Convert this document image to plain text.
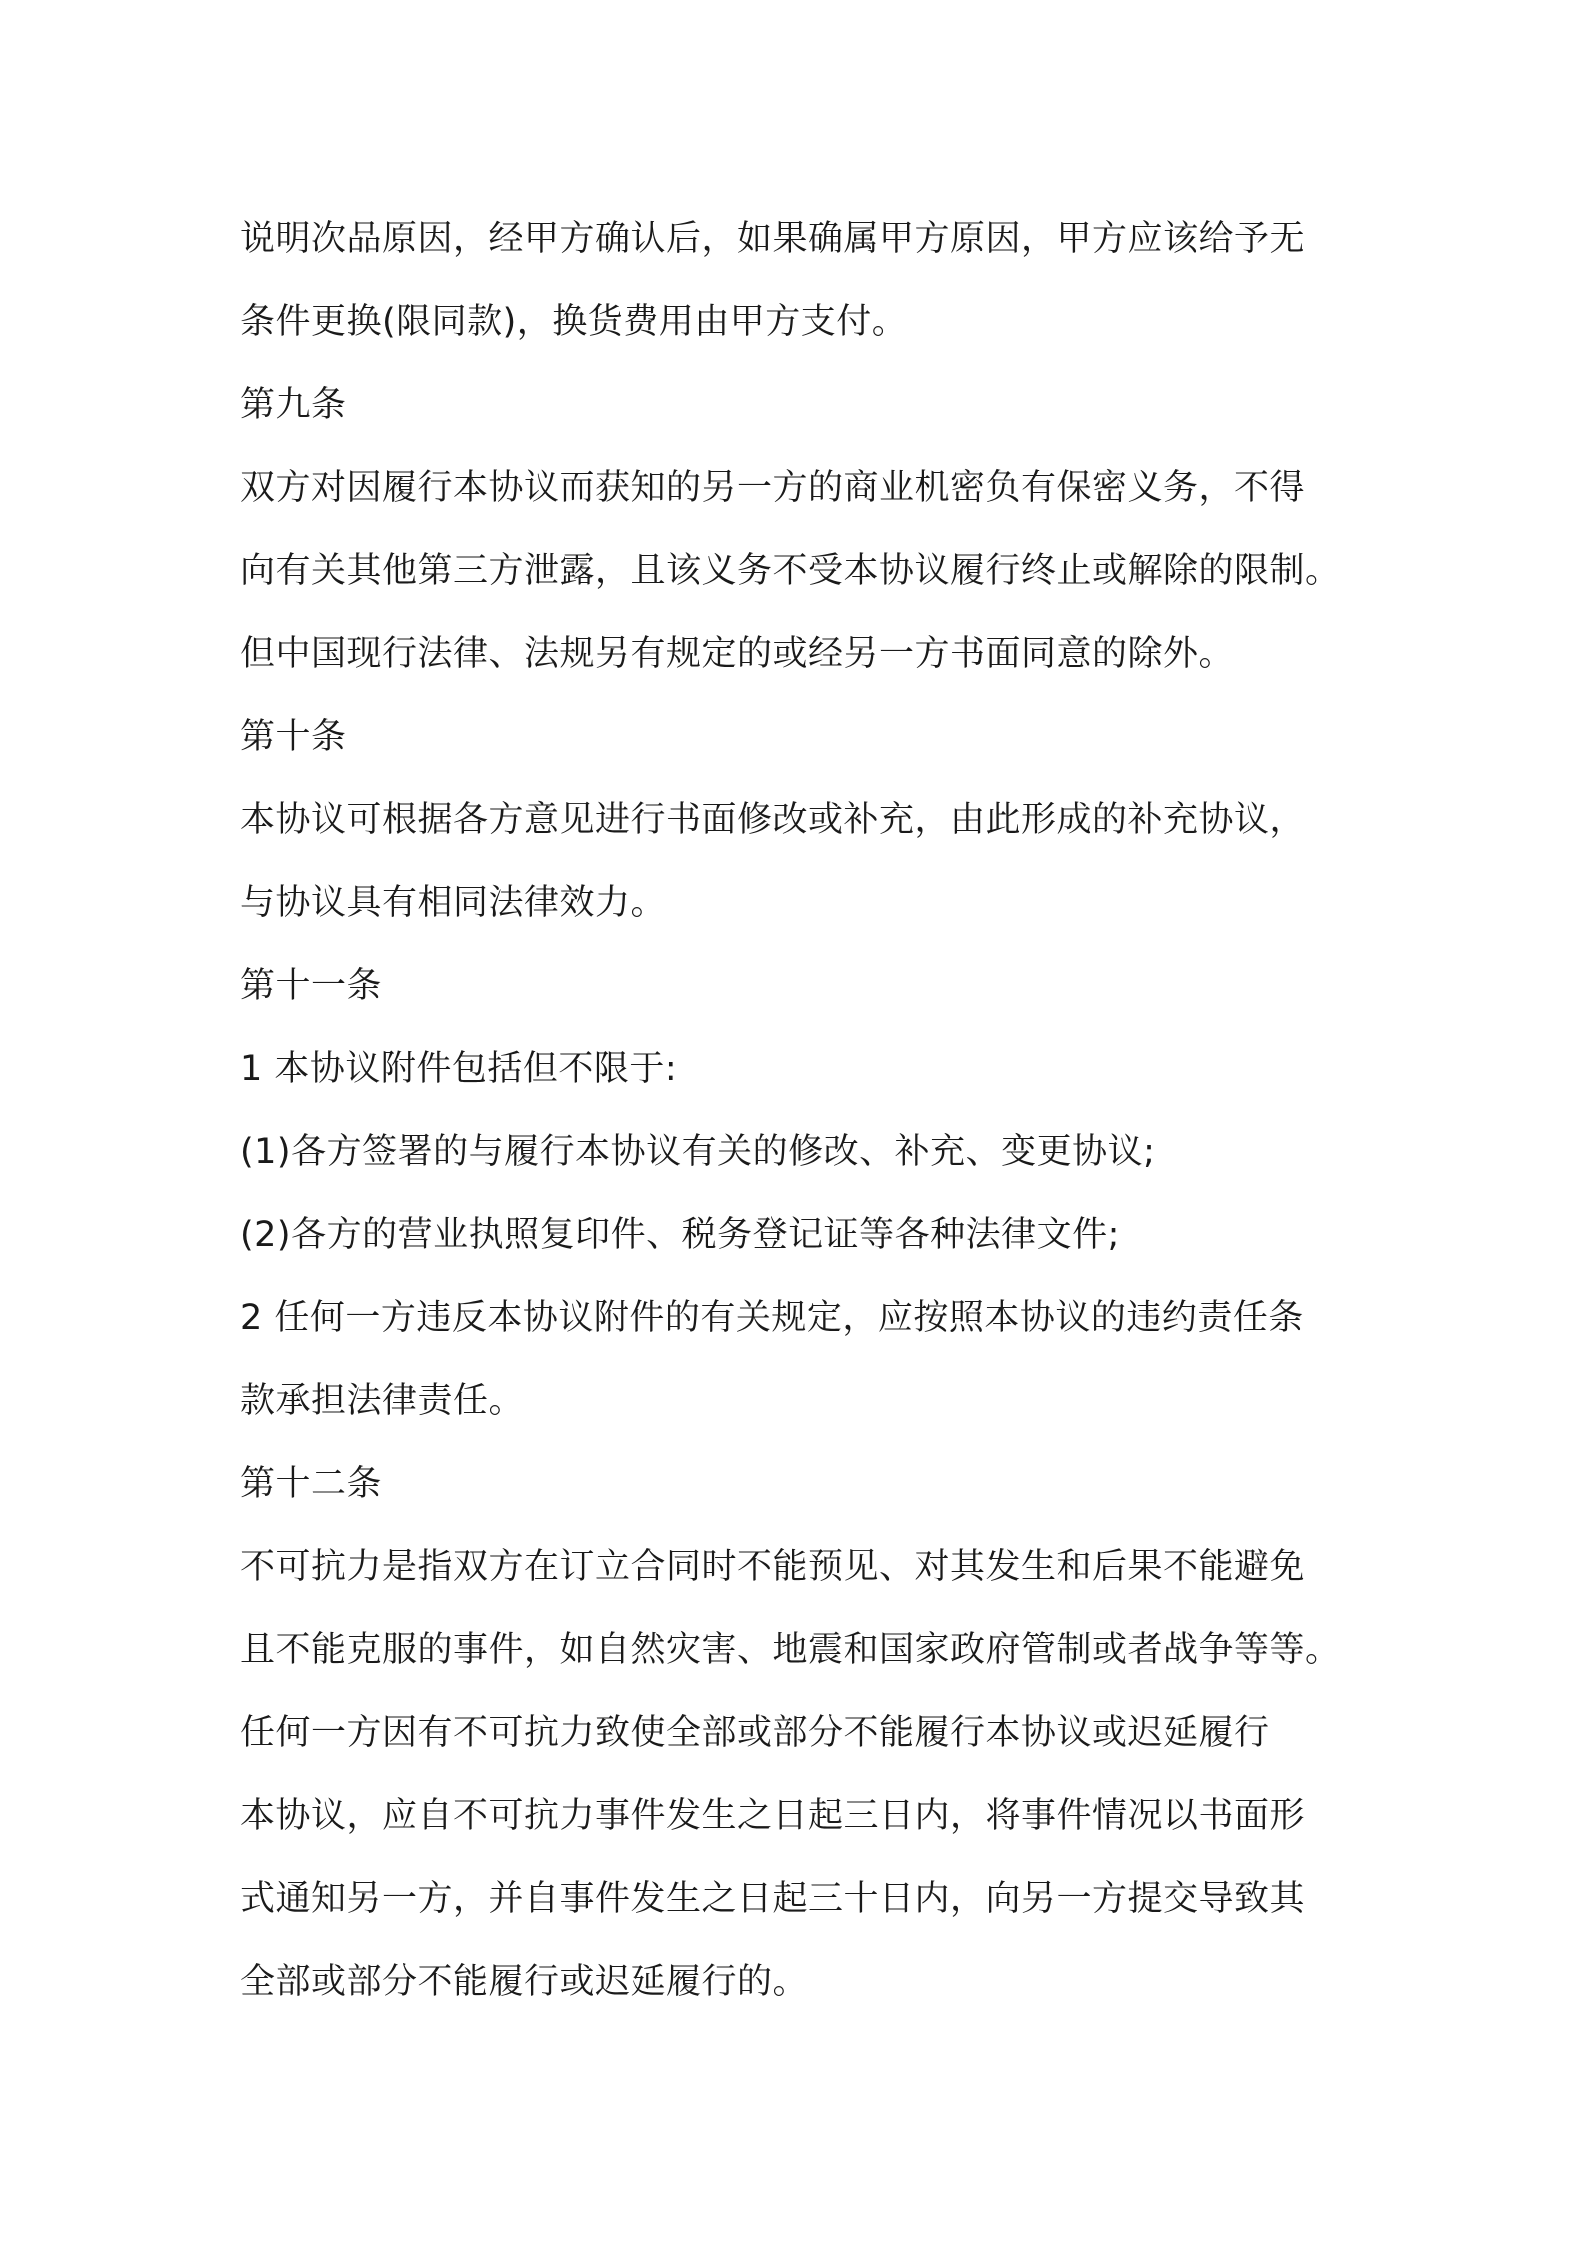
说明次品原因，经甲方确认后，如果确属甲方原因，甲方应该给予无
条件更换(限同款)，换货费用由甲方支付。
第九条
双方对因履行本协议而获知的另一方的商业机密负有保密义务，不得
向有关其他第三方泄露，且该义务不受本协议履行终止或解除的限制。
但中国现行法律、法规另有规定的或经另一方书面同意的除外。
第十条
本协议可根据各方意见进行书面修改或补充，由此形成的补充协议，
与协议具有相同法律效力。
第十一条
1 本协议附件包括但不限于:
(1)各方签署的与履行本协议有关的修改、补充、变更协议;
(2)各方的营业执照复印件、税务登记证等各种法律文件;
2 任何一方违反本协议附件的有关规定，应按照本协议的违约责任条
款承担法律责任。
第十二条
不可抗力是指双方在订立合同时不能预见、对其发生和后果不能避免
且不能克服的事件，如自然灾害、地震和国家政府管制或者战争等等。
任何一方因有不可抗力致使全部或部分不能履行本协议或迟延履行
本协议，应自不可抗力事件发生之日起三日内，将事件情况以书面形
式通知另一方，并自事件发生之日起三十日内，向另一方提交导致其
全部或部分不能履行或迟延履行的。
